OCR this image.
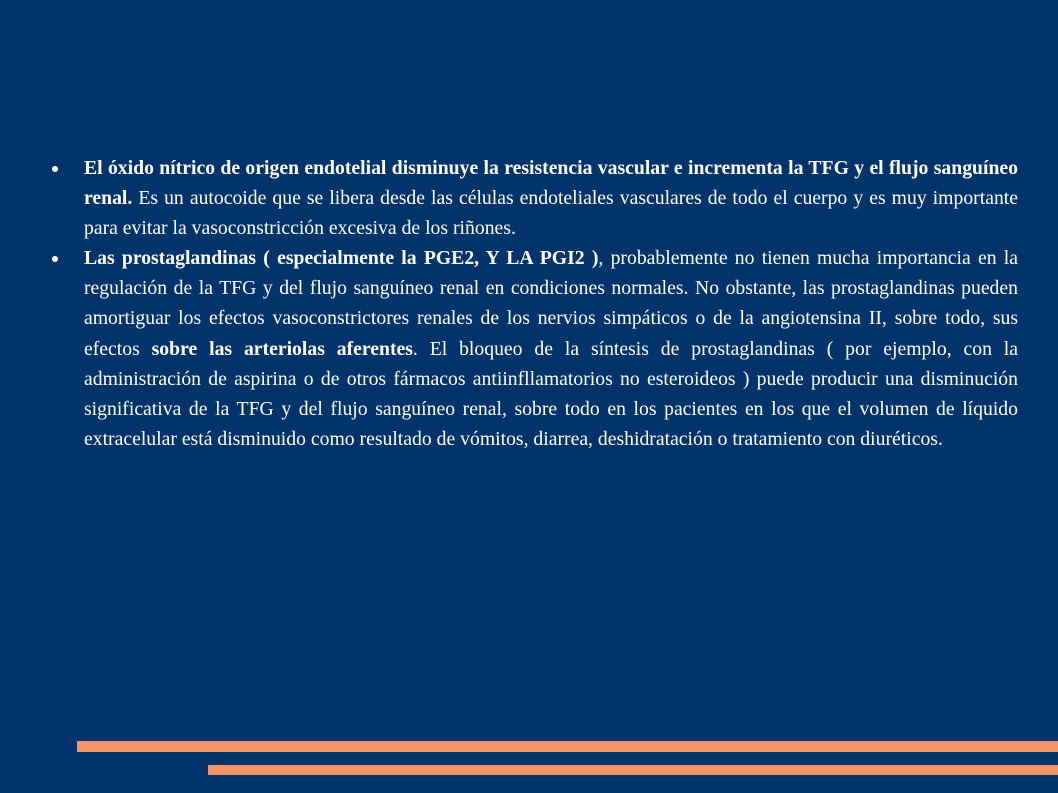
El óxido nítrico de origen endotelial disminuye la resistencia vascular e incrementa la TFG y el flujo sanguíneo renal. Es un autocoide que se libera desde las células endoteliales vasculares de todo el cuerpo y es muy importante para evitar la vasoconstricción excesiva de los riñones.
Las prostaglandinas ( especialmente la PGE2, Y LA PGI2 ), probablemente no tienen mucha importancia en la regulación de la TFG y del flujo sanguíneo renal en condiciones normales. No obstante, las prostaglandinas pueden amortiguar los efectos vasoconstrictores renales de los nervios simpáticos o de la angiotensina II, sobre todo, sus efectos sobre las arteriolas aferentes. El bloqueo de la síntesis de prostaglandinas ( por ejemplo, con la administración de aspirina o de otros fármacos antiinfllamatorios no esteroideos ) puede producir una disminución significativa de la TFG y del flujo sanguíneo renal, sobre todo en los pacientes en los que el volumen de líquido extracelular está disminuido como resultado de vómitos, diarrea, deshidratación o tratamiento con diuréticos.
